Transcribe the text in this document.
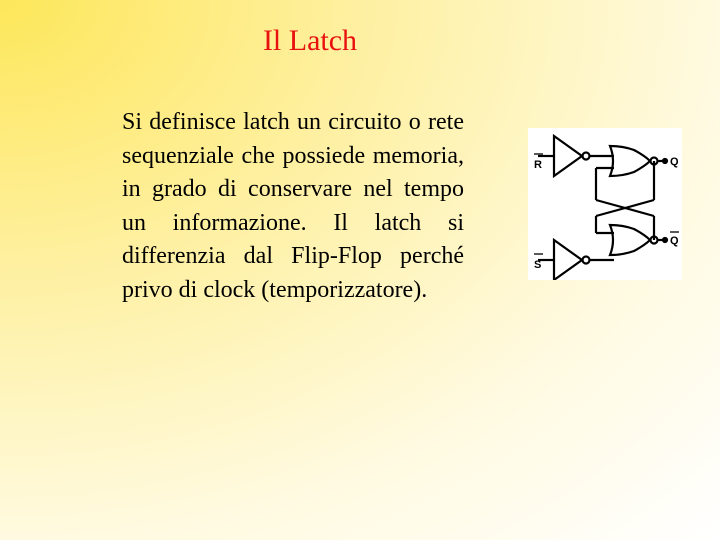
Il Latch
Si definisce latch un circuito o rete sequenziale che possiede memoria, in grado di conservare nel tempo un informazione. Il latch si differenzia dal Flip-Flop perché privo di clock (temporizzatore).
R
S
Q
Q
